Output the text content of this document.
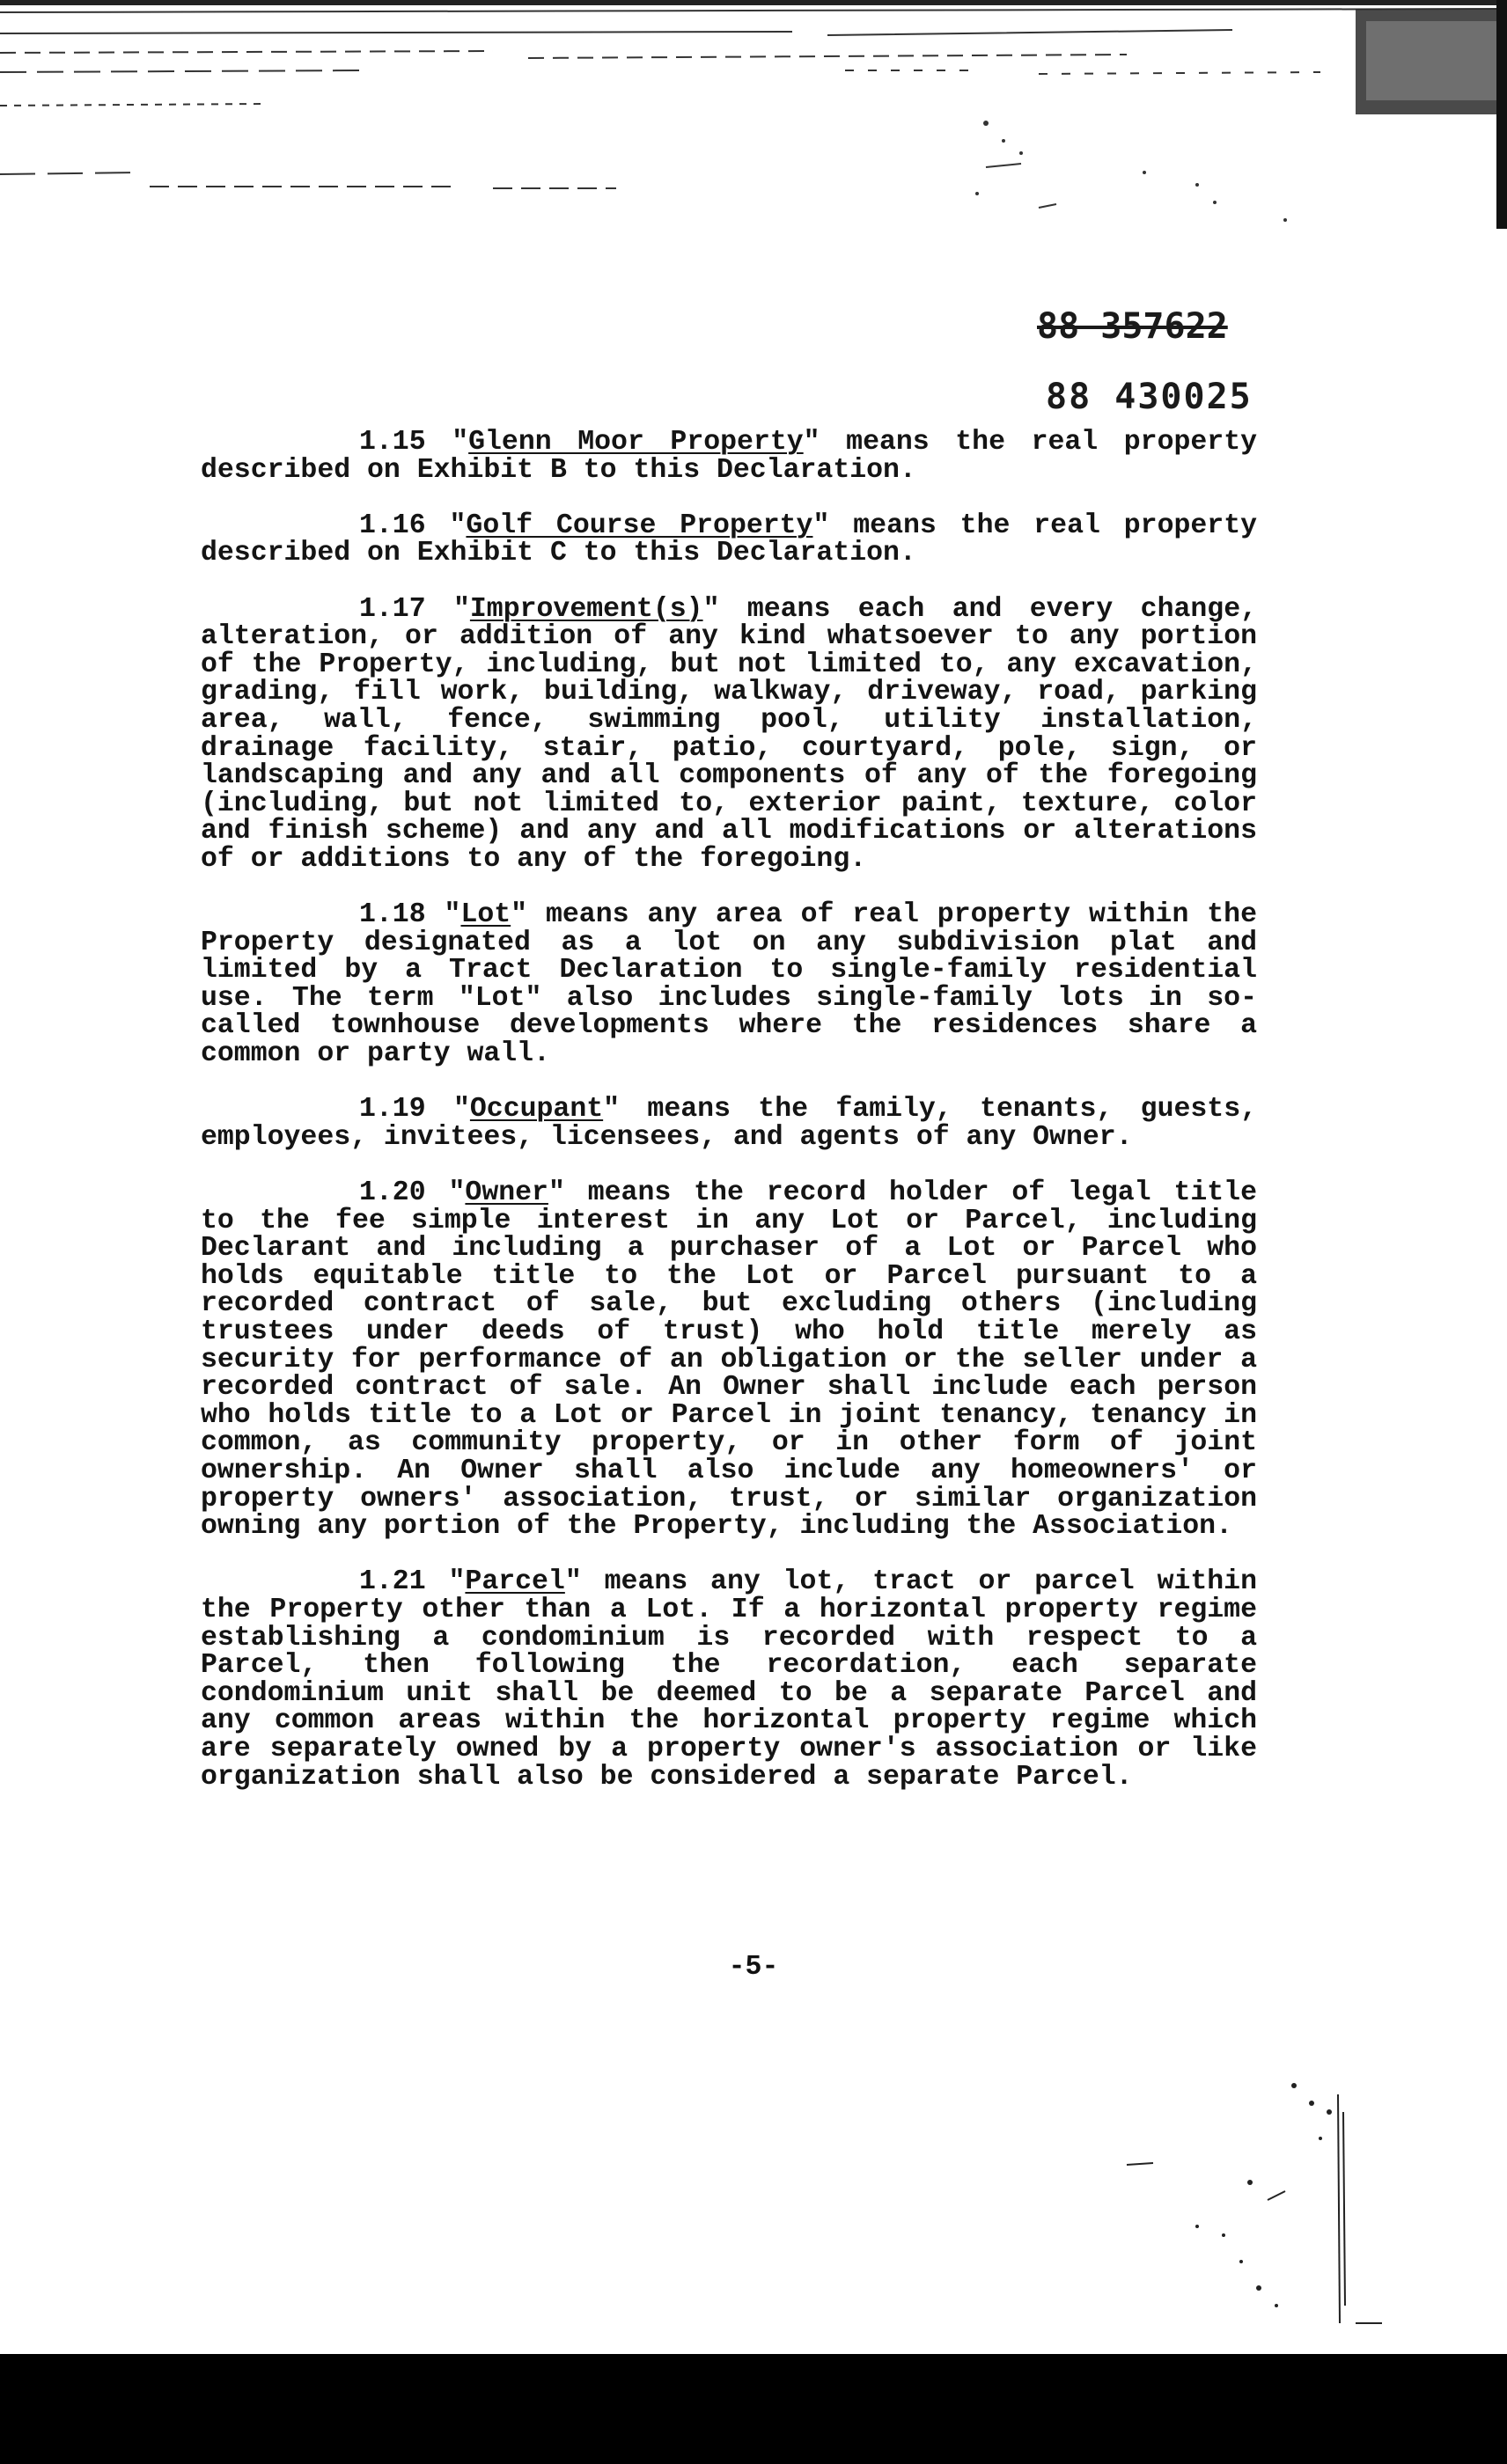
88 357622
88 430025

1.15 "Glenn Moor Property" means the real property described on Exhibit B to this Declaration.

1.16 "Golf Course Property" means the real property described on Exhibit C to this Declaration.

1.17 "Improvement(s)" means each and every change, alteration, or addition of any kind whatsoever to any portion of the Property, including, but not limited to, any excavation, grading, fill work, building, walkway, driveway, road, parking area, wall, fence, swimming pool, utility installation, drainage facility, stair, patio, courtyard, pole, sign, or landscaping and any and all components of any of the foregoing (including, but not limited to, exterior paint, texture, color and finish scheme) and any and all modifications or alterations of or additions to any of the foregoing.

1.18 "Lot" means any area of real property within the Property designated as a lot on any subdivision plat and limited by a Tract Declaration to single-family residential use. The term "Lot" also includes single-family lots in so-called townhouse developments where the residences share a common or party wall.

1.19 "Occupant" means the family, tenants, guests, employees, invitees, licensees, and agents of any Owner.

1.20 "Owner" means the record holder of legal title to the fee simple interest in any Lot or Parcel, including Declarant and including a purchaser of a Lot or Parcel who holds equitable title to the Lot or Parcel pursuant to a recorded contract of sale, but excluding others (including trustees under deeds of trust) who hold title merely as security for performance of an obligation or the seller under a recorded contract of sale. An Owner shall include each person who holds title to a Lot or Parcel in joint tenancy, tenancy in common, as community property, or in other form of joint ownership. An Owner shall also include any homeowners' or property owners' association, trust, or similar organization owning any portion of the Property, including the Association.

1.21 "Parcel" means any lot, tract or parcel within the Property other than a Lot. If a horizontal property regime establishing a condominium is recorded with respect to a Parcel, then following the recordation, each separate condominium unit shall be deemed to be a separate Parcel and any common areas within the horizontal property regime which are separately owned by a property owner's association or like organization shall also be considered a separate Parcel.

-5-
